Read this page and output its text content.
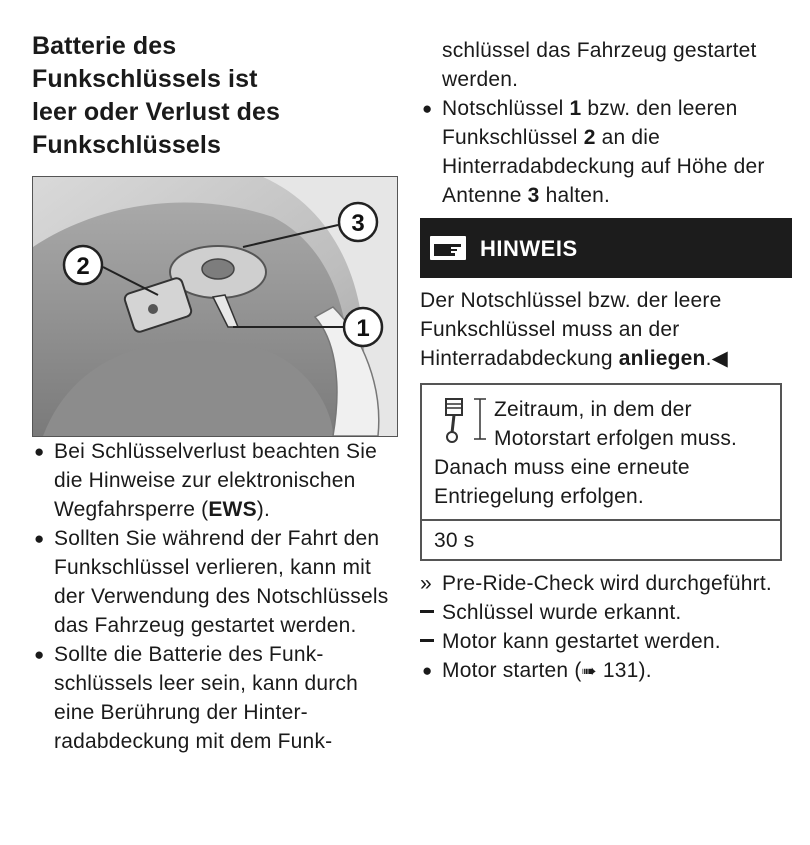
Batterie des
Funkschlüssels ist
leer oder Verlust des
Funkschlüssels
1
2
3
● Bei Schlüsselverlust beachten Sie die Hinweise zur elektronischen Wegfahrsperre (EWS).
● Sollten Sie während der Fahrt den Funkschlüssel verlieren, kann mit der Verwendung des Notschlüssels das Fahrzeug gestartet werden.
● Sollte die Batterie des Funkschlüssels leer sein, kann durch eine Berührung der Hinterradabdeckung mit dem Funk-
schlüssel das Fahrzeug gestartet werden.
● Notschlüssel 1 bzw. den leeren Funkschlüssel 2 an die Hinterradabdeckung auf Höhe der Antenne 3 halten.
HINWEIS
Der Notschlüssel bzw. der leere Funkschlüssel muss an der Hinterradabdeckung anliegen.◀
Zeitraum, in dem der Motorstart erfolgen muss. Danach muss eine erneute Entriegelung erfolgen.
30 s
» Pre-Ride-Check wird durchgeführt.
Schlüssel wurde erkannt.
Motor kann gestartet werden.
● Motor starten (➠ 131).
